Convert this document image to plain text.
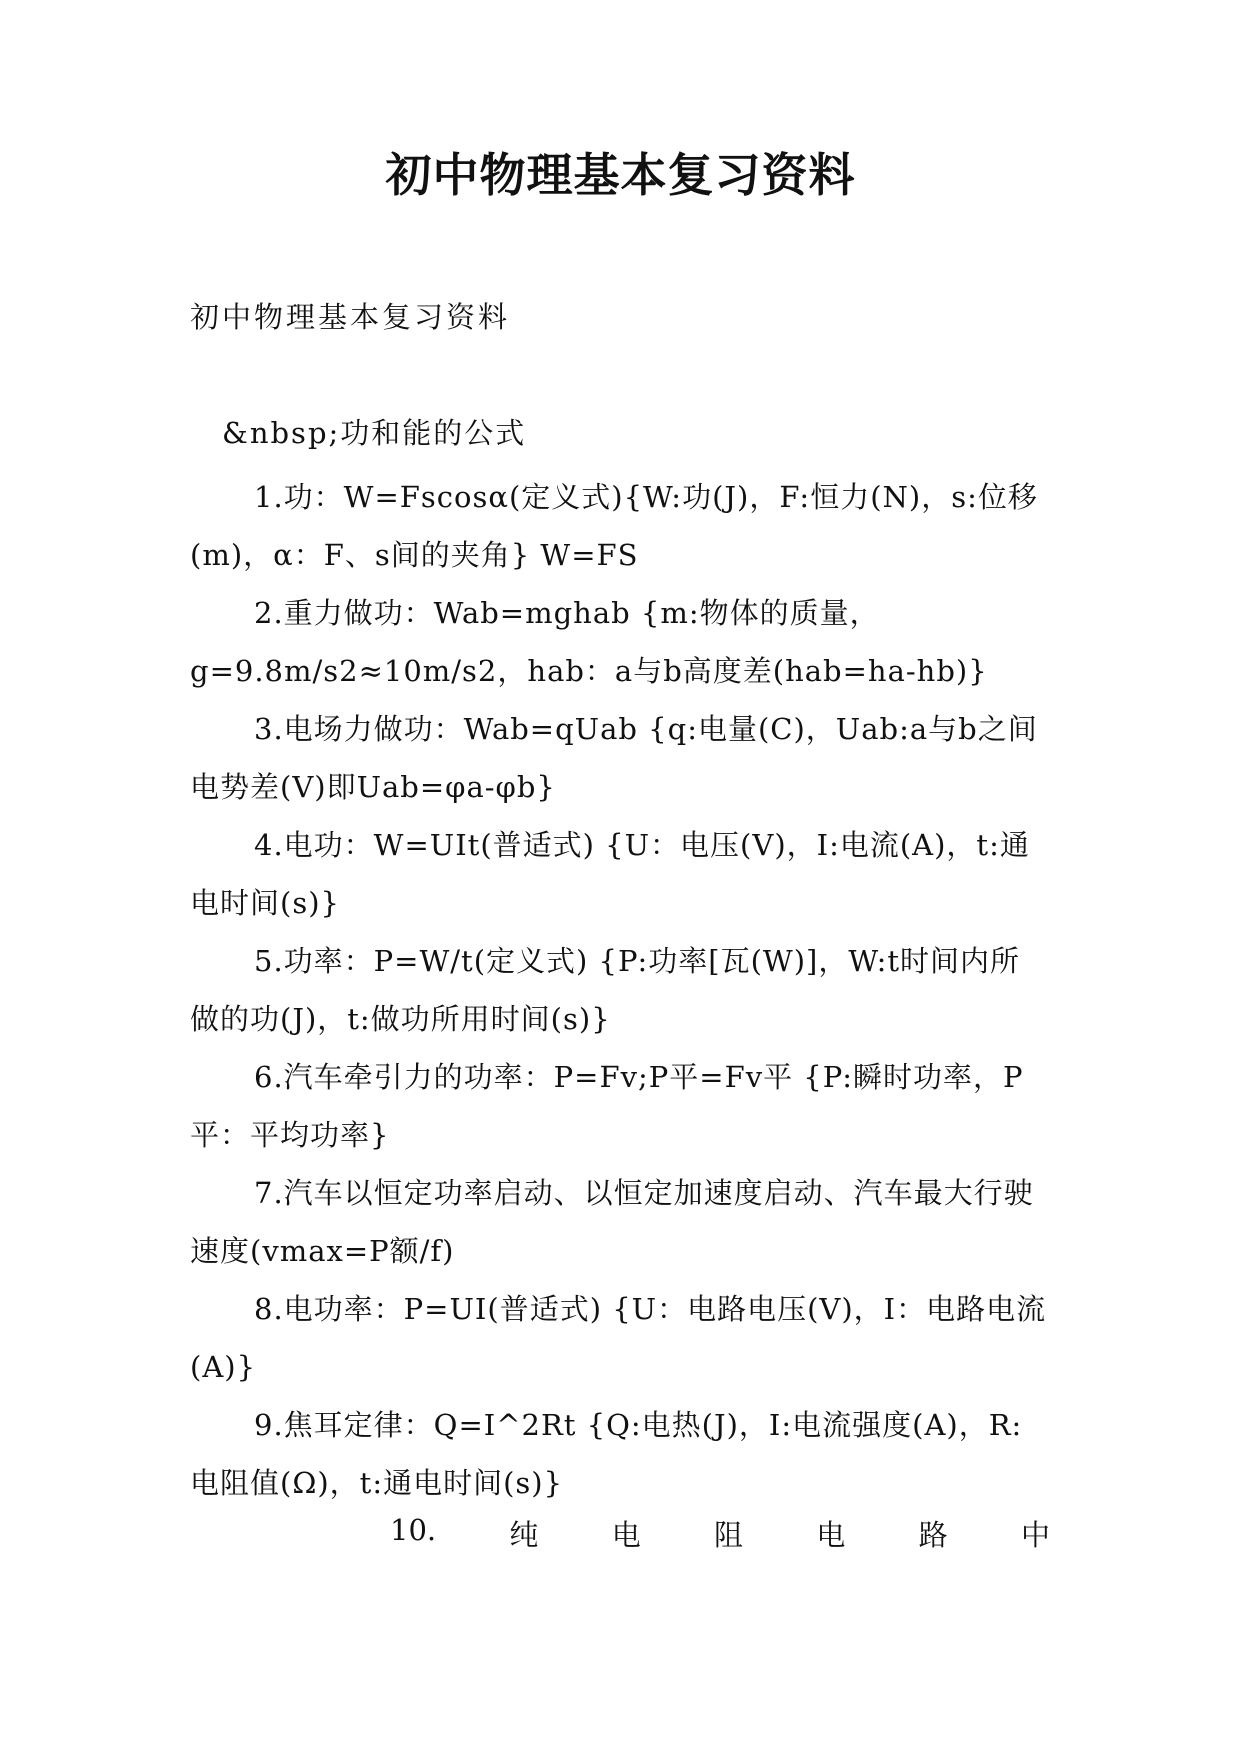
初中物理基本复习资料

初中物理基本复习资料

&nbsp;功和能的公式

1.功：W=Fscosα(定义式){W:功(J)，F:恒力(N)，s:位移(m)，α：F、s间的夹角} W=FS

2.重力做功：Wab=mghab {m:物体的质量，g=9.8m/s2≈10m/s2，hab：a与b高度差(hab=ha-hb)}

3.电场力做功：Wab=qUab {q:电量(C)，Uab:a与b之间电势差(V)即Uab=φa-φb}

4.电功：W=UIt(普适式) {U：电压(V)，I:电流(A)，t:通电时间(s)}

5.功率：P=W/t(定义式) {P:功率[瓦(W)]，W:t时间内所做的功(J)，t:做功所用时间(s)}

6.汽车牵引力的功率：P=Fv;P平=Fv平 {P:瞬时功率，P平：平均功率}

7.汽车以恒定功率启动、以恒定加速度启动、汽车最大行驶速度(vmax=P额/f)

8.电功率：P=UI(普适式) {U：电路电压(V)，I：电路电流(A)}

9.焦耳定律：Q=I^2Rt {Q:电热(J)，I:电流强度(A)，R:电阻值(Ω)，t:通电时间(s)}

10.	纯	电	阻	电	路	中
